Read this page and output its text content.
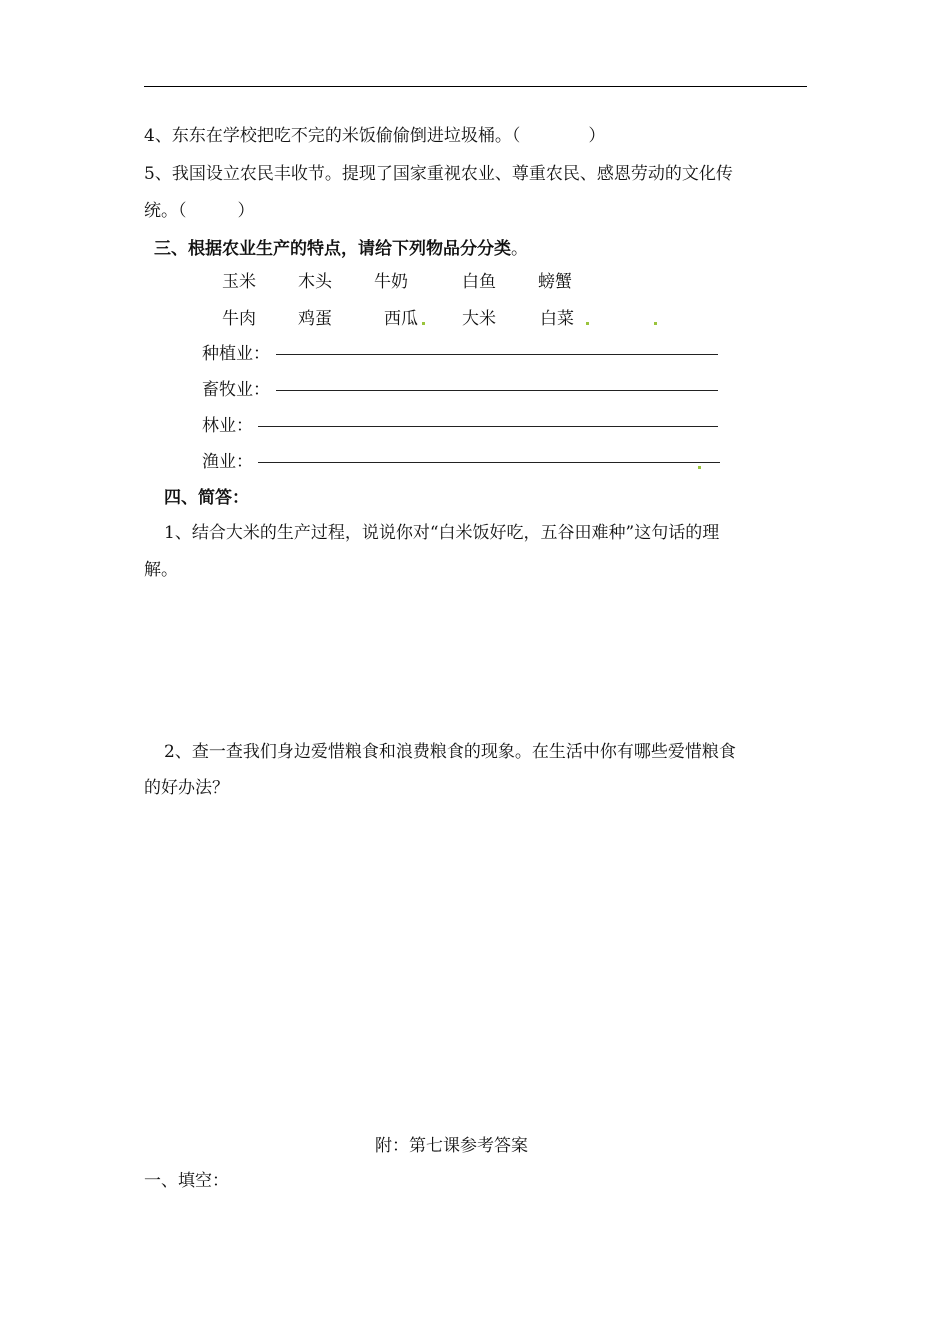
4、东东在学校把吃不完的米饭偷偷倒进垃圾桶。（　　　　）
5、我国设立农民丰收节。提现了国家重视农业、尊重农民、感恩劳动的文化传
统。（　　　）
三、根据农业生产的特点，请给下列物品分分类。
玉米 木头 牛奶	白鱼 螃蟹
牛肉 鸡蛋	西瓜	大米	白菜
种植业：
畜牧业：
林业：
渔业：
四、简答：
1、结合大米的生产过程，说说你对“白米饭好吃，五谷田难种”这句话的理
解。
2、查一查我们身边爱惜粮食和浪费粮食的现象。在生活中你有哪些爱惜粮食
的好办法？
附：第七课参考答案
一、填空：
